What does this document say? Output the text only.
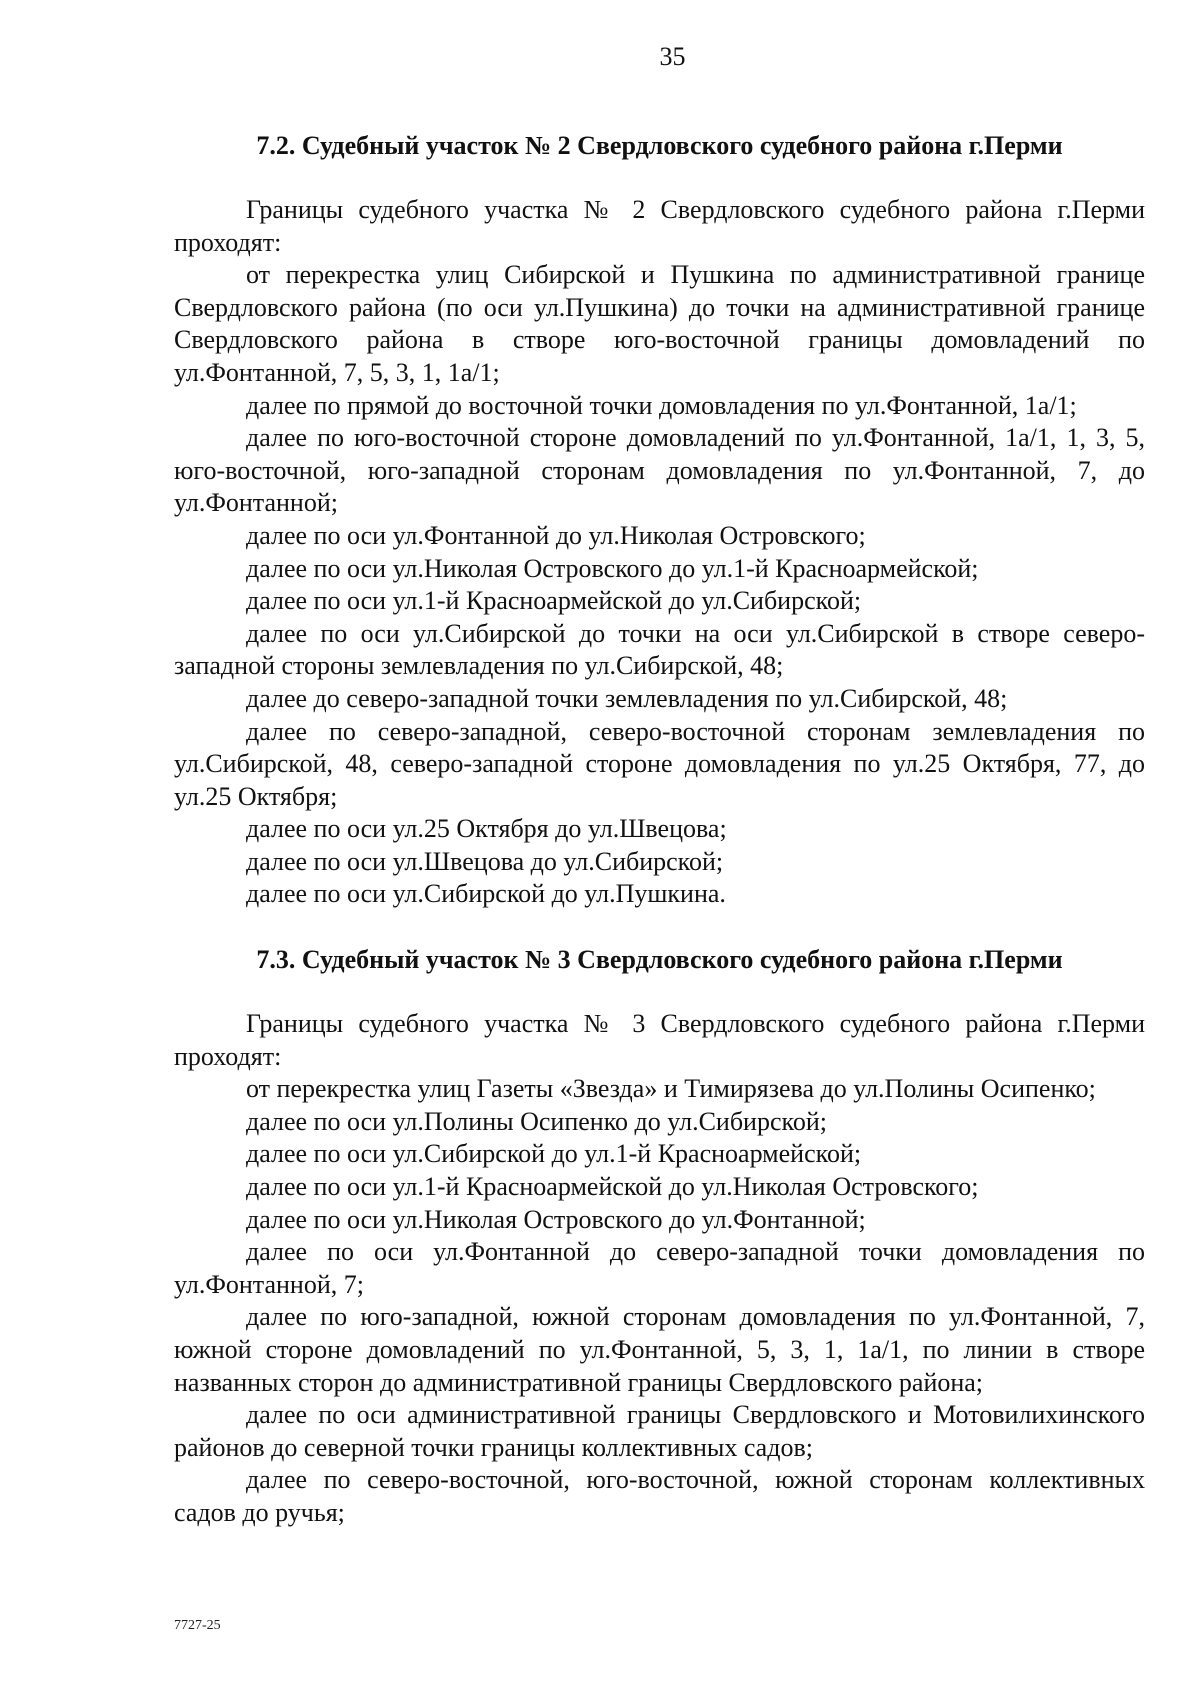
35
7.2. Судебный участок № 2 Свердловского судебного района г.Перми

Границы судебного участка № 2 Свердловского судебного района г.Перми проходят:

от перекрестка улиц Сибирской и Пушкина по административной границе Свердловского района (по оси ул.Пушкина) до точки на административной границе Свердловского района в створе юго-восточной границы домовладений по ул.Фонтанной, 7, 5, 3, 1, 1а/1;

далее по прямой до восточной точки домовладения по ул.Фонтанной, 1а/1;

далее по юго-восточной стороне домовладений по ул.Фонтанной, 1а/1, 1, 3, 5, юго-восточной, юго-западной сторонам домовладения по ул.Фонтанной, 7, до ул.Фонтанной;

далее по оси ул.Фонтанной до ул.Николая Островского;

далее по оси ул.Николая Островского до ул.1-й Красноармейской;

далее по оси ул.1-й Красноармейской до ул.Сибирской;

далее по оси ул.Сибирской до точки на оси ул.Сибирской в створе северо-западной стороны землевладения по ул.Сибирской, 48;

далее до северо-западной точки землевладения по ул.Сибирской, 48;

далее по северо-западной, северо-восточной сторонам землевладения по ул.Сибирской, 48, северо-западной стороне домовладения по ул.25 Октября, 77, до ул.25 Октября;

далее по оси ул.25 Октября до ул.Швецова;

далее по оси ул.Швецова до ул.Сибирской;

далее по оси ул.Сибирской до ул.Пушкина.

7.3. Судебный участок № 3 Свердловского судебного района г.Перми

Границы судебного участка № 3 Свердловского судебного района г.Перми проходят:

от перекрестка улиц Газеты «Звезда» и Тимирязева до ул.Полины Осипенко;

далее по оси ул.Полины Осипенко до ул.Сибирской;

далее по оси ул.Сибирской до ул.1-й Красноармейской;

далее по оси ул.1-й Красноармейской до ул.Николая Островского;

далее по оси ул.Николая Островского до ул.Фонтанной;

далее по оси ул.Фонтанной до северо-западной точки домовладения по ул.Фонтанной, 7;

далее по юго-западной, южной сторонам домовладения по ул.Фонтанной, 7, южной стороне домовладений по ул.Фонтанной, 5, 3, 1, 1а/1, по линии в створе названных сторон до административной границы Свердловского района;

далее по оси административной границы Свердловского и Мотовилихинского районов до северной точки границы коллективных садов;

далее по северо-восточной, юго-восточной, южной сторонам коллективных садов до ручья;

7727-25
